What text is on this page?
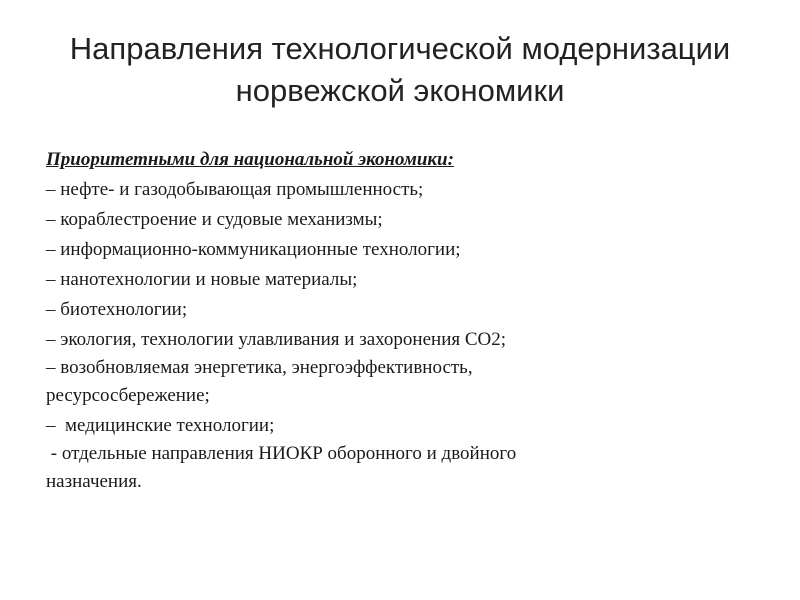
Направления технологической модернизации
норвежской экономики
Приоритетными для национальной экономики:
– нефте- и газодобывающая промышленность;
– кораблестроение и судовые механизмы;
– информационно-коммуникационные технологии;
– нанотехнологии и новые материалы;
– биотехнологии;
– экология, технологии улавливания и захоронения СО2;
– возобновляемая энергетика, энергоэффективность,
ресурсосбережение;
–  медицинские технологии;
- отдельные направления НИОКР оборонного и двойного
назначения.
